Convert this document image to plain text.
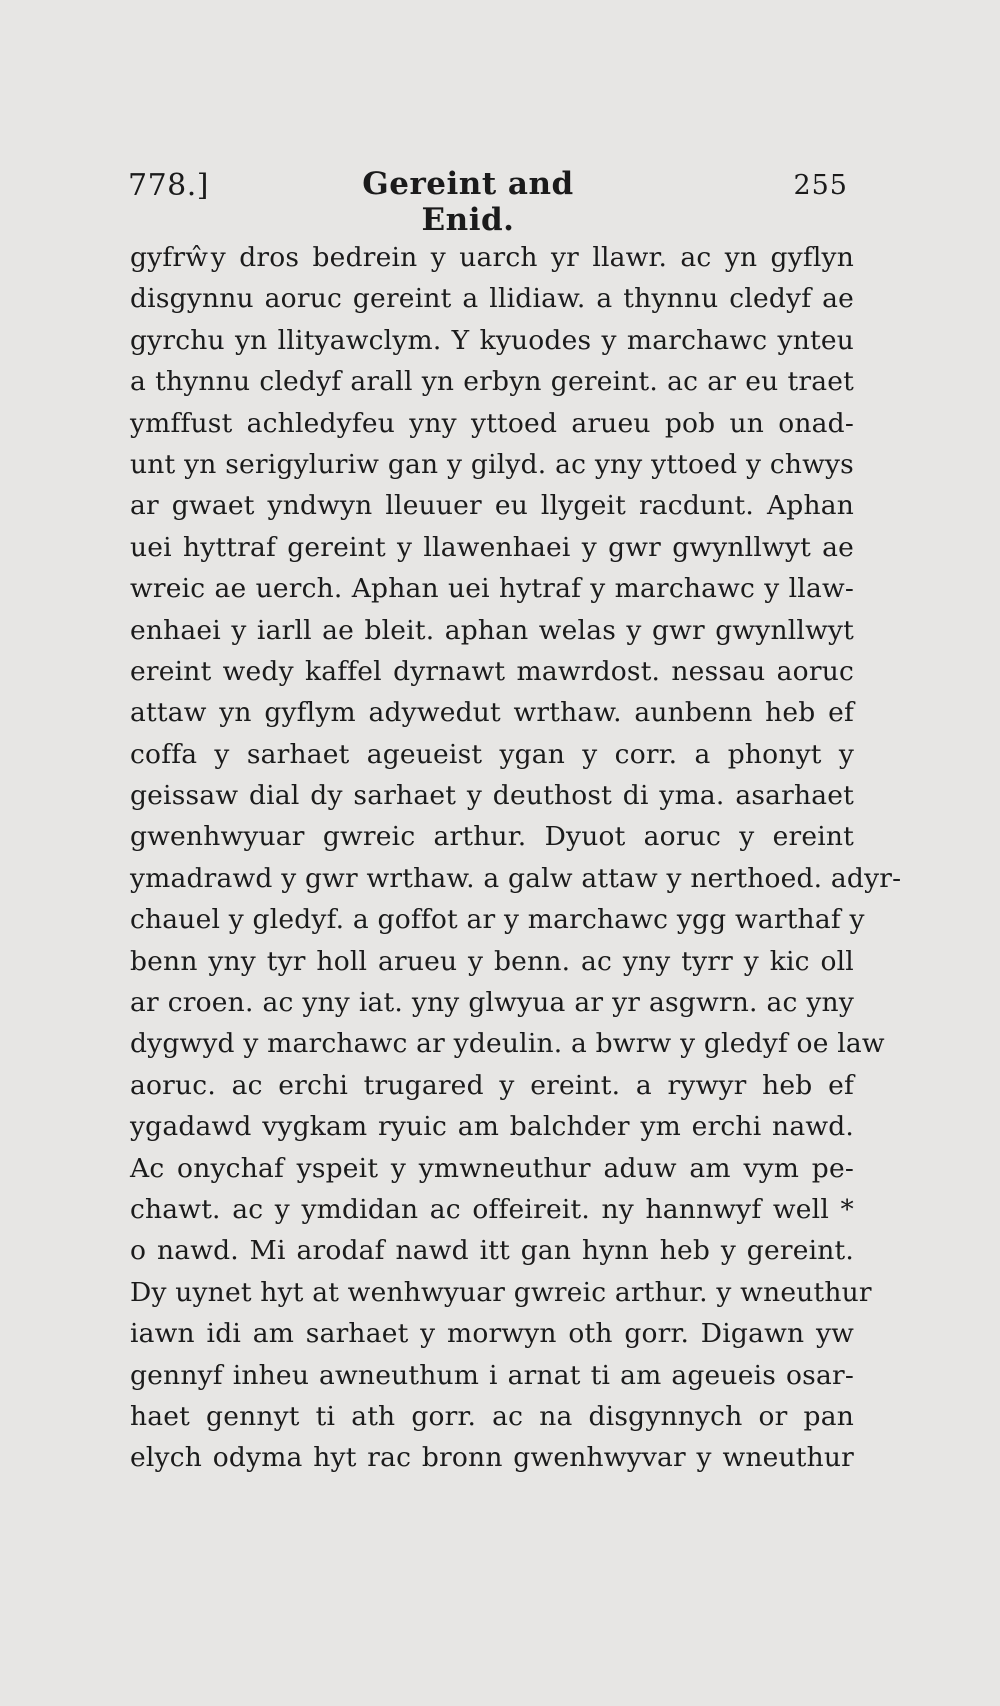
778.]	Gereint and Enid.
255
gyfrŵy dros bedrein y uarch yr llawr. ac yn gyflyn
disgynnu aoruc gereint a llidiaw. a thynnu cledyf ae
gyrchu yn llityawclym. Y kyuodes y marchawc ynteu
a thynnu cledyf arall yn erbyn gereint. ac ar eu traet
ymffust achledyfeu yny yttoed arueu pob un onad-
unt yn serigyluriw gan y gilyd. ac yny yttoed y chwys
ar gwaet yndwyn lleuuer eu llygeit racdunt. Aphan
uei hyttraf gereint y llawenhaei y gwr gwynllwyt ae
wreic ae uerch. Aphan uei hytraf y marchawc y llaw-
enhaei y iarll ae bleit. aphan welas y gwr gwynllwyt
ereint wedy kaffel dyrnawt mawrdost. nessau aoruc
attaw yn gyflym adywedut wrthaw. aunbenn heb ef
coffa y sarhaet ageueist ygan y corr. a phonyt y
geissaw dial dy sarhaet y deuthost di yma. asarhaet
gwenhwyuar gwreic arthur. Dyuot aoruc y ereint
ymadrawd y gwr wrthaw. a galw attaw y nerthoed. adyr-
chauel y gledyf. a goffot ar y marchawc ygg warthaf y
benn yny tyr holl arueu y benn. ac yny tyrr y kic oll
ar croen. ac yny iat. yny glwyua ar yr asgwrn. ac yny
dygwyd y marchawc ar ydeulin. a bwrw y gledyf oe law
aoruc. ac erchi trugared y ereint. a rywyr heb ef
ygadawd vygkam ryuic am balchder ym erchi nawd.
Ac onychaf yspeit y ymwneuthur aduw am vym pe-
chawt. ac y ymdidan ac offeireit. ny hannwyf well *
o nawd. Mi arodaf nawd itt gan hynn heb y gereint.
Dy uynet hyt at wenhwyuar gwreic arthur. y wneuthur
iawn idi am sarhaet y morwyn oth gorr. Digawn yw
gennyf inheu awneuthum i arnat ti am ageueis osar-
haet gennyt ti ath gorr. ac na disgynnych or pan
elych odyma hyt rac bronn gwenhwyvar y wneuthur
